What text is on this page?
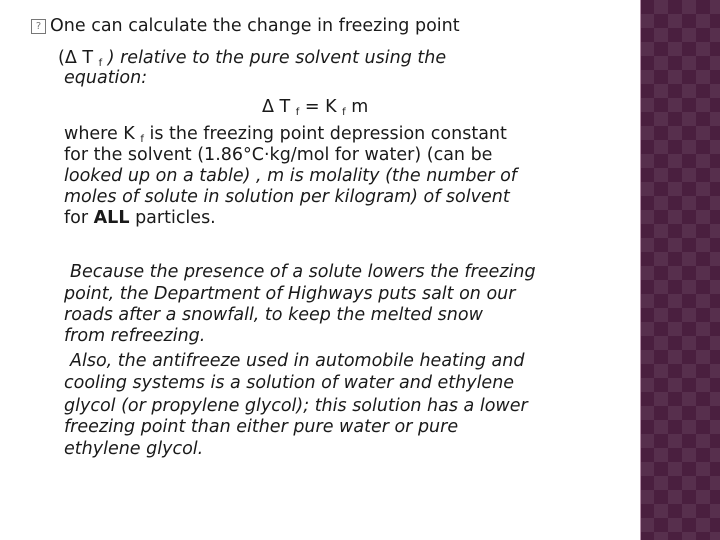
? One can calculate the change in freezing point
(Δ T $_f$ ) relative to the pure solvent using the
equation:
Δ T $_f$ = K $_f$ m
where K $_f$ is the freezing point depression constant
for the solvent (1.86°C·kg/mol for water) (can be
looked up on a table) , m is molality (the number of
moles of solute in solution per kilogram) of solvent
for ALL particles.
Because the presence of a solute lowers the freezing
point, the Department of Highways puts salt on our
roads after a snowfall, to keep the melted snow
from refreezing.
Also, the antifreeze used in automobile heating and
cooling systems is a solution of water and ethylene
glycol (or propylene glycol); this solution has a lower
freezing point than either pure water or pure
ethylene glycol.
